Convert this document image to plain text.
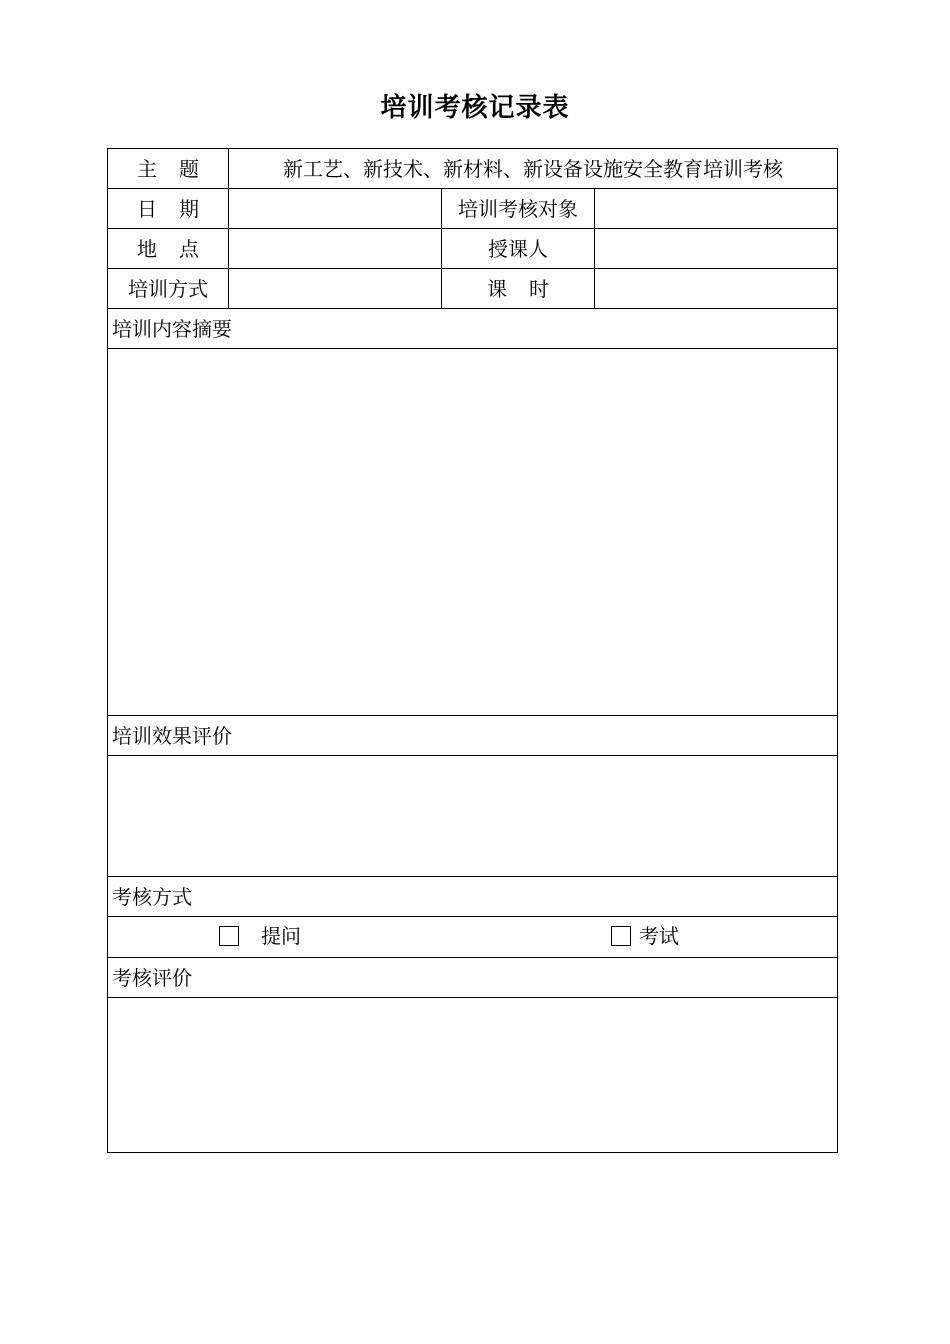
培训考核记录表
主题	新工艺、新技术、新材料、新设备设施安全教育培训考核		
日期		培训考核对象	
地点		授课人	
培训方式		课时	
培训内容摘要			

培训效果评价			

考核方式			

提问 考试			

考核评价			
